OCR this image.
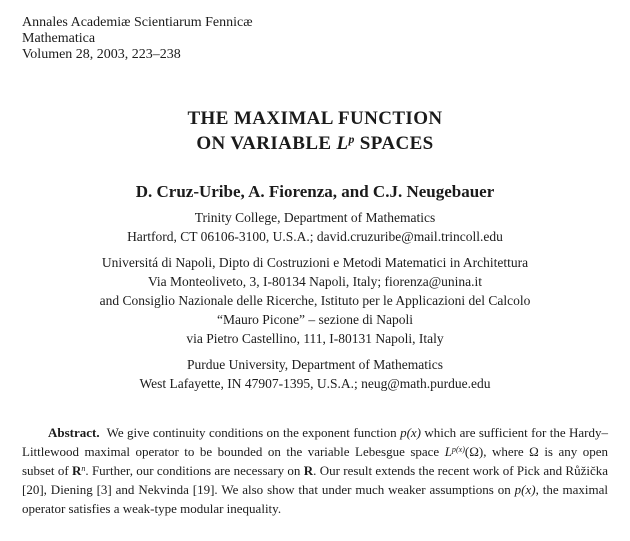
Annales Academiæ Scientiarum Fennicæ
Mathematica
Volumen 28, 2003, 223–238
THE MAXIMAL FUNCTION
ON VARIABLE $L^p$ SPACES
D. Cruz-Uribe, A. Fiorenza, and C.J. Neugebauer
Trinity College, Department of Mathematics
Hartford, CT 06106-3100, U.S.A.; david.cruzuribe@mail.trincoll.edu
Universitá di Napoli, Dipto di Costruzioni e Metodi Matematici in Architettura
Via Monteoliveto, 3, I-80134 Napoli, Italy; fiorenza@unina.it
and Consiglio Nazionale delle Ricerche, Istituto per le Applicazioni del Calcolo
“Mauro Picone” – sezione di Napoli
via Pietro Castellino, 111, I-80131 Napoli, Italy
Purdue University, Department of Mathematics
West Lafayette, IN 47907-1395, U.S.A.; neug@math.purdue.edu

Abstract. We give continuity conditions on the exponent function p(x) which are sufficient for the Hardy–Littlewood maximal operator to be bounded on the variable Lebesgue space $L^{p(x)}(\Omega)$, where Ω is any open subset of $R^n$. Further, our conditions are necessary on R. Our result extends the recent work of Pick and Růžička [20], Diening [3] and Nekvinda [19]. We also show that under much weaker assumptions on p(x), the maximal operator satisfies a weak-type modular inequality.
